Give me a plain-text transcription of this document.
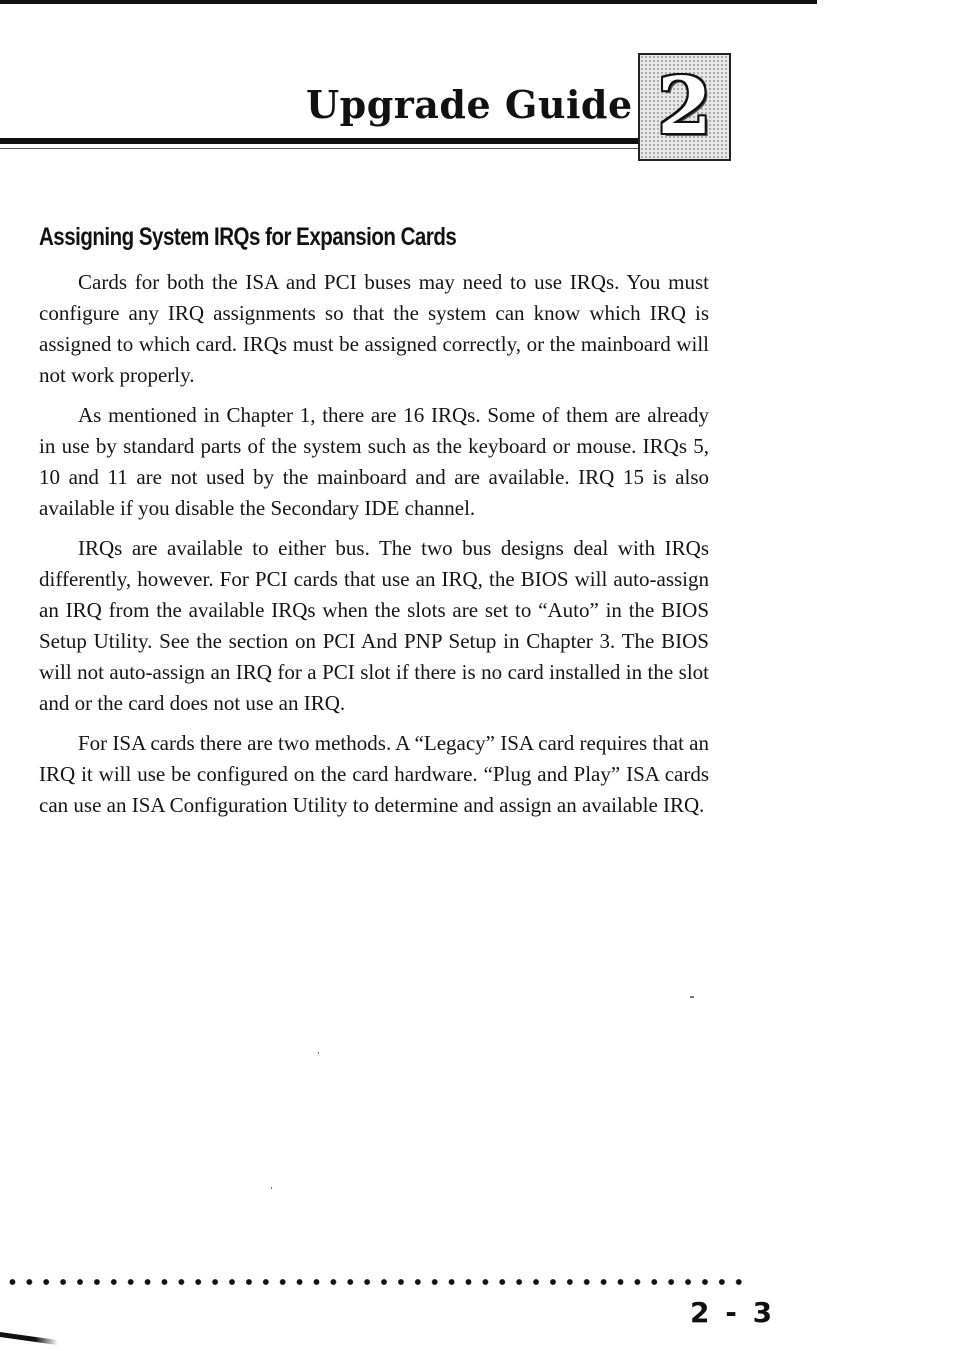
Upgrade Guide 2
Assigning System IRQs for Expansion Cards

Cards for both the ISA and PCI buses may need to use IRQs. You must configure any IRQ assignments so that the system can know which IRQ is assigned to which card. IRQs must be assigned correctly, or the mainboard will not work properly.

As mentioned in Chapter 1, there are 16 IRQs. Some of them are already in use by standard parts of the system such as the keyboard or mouse. IRQs 5, 10 and 11 are not used by the mainboard and are available. IRQ 15 is also available if you disable the Secondary IDE channel.

IRQs are available to either bus. The two bus designs deal with IRQs differently, however. For PCI cards that use an IRQ, the BIOS will auto-assign an IRQ from the available IRQs when the slots are set to “Auto” in the BIOS Setup Utility. See the section on PCI And PNP Setup in Chapter 3. The BIOS will not auto-assign an IRQ for a PCI slot if there is no card installed in the slot and or the card does not use an IRQ.

For ISA cards there are two methods. A “Legacy” ISA card requires that an IRQ it will use be configured on the card hardware. “Plug and Play” ISA cards can use an ISA Configuration Utility to determine and assign an available IRQ.

2 - 3
